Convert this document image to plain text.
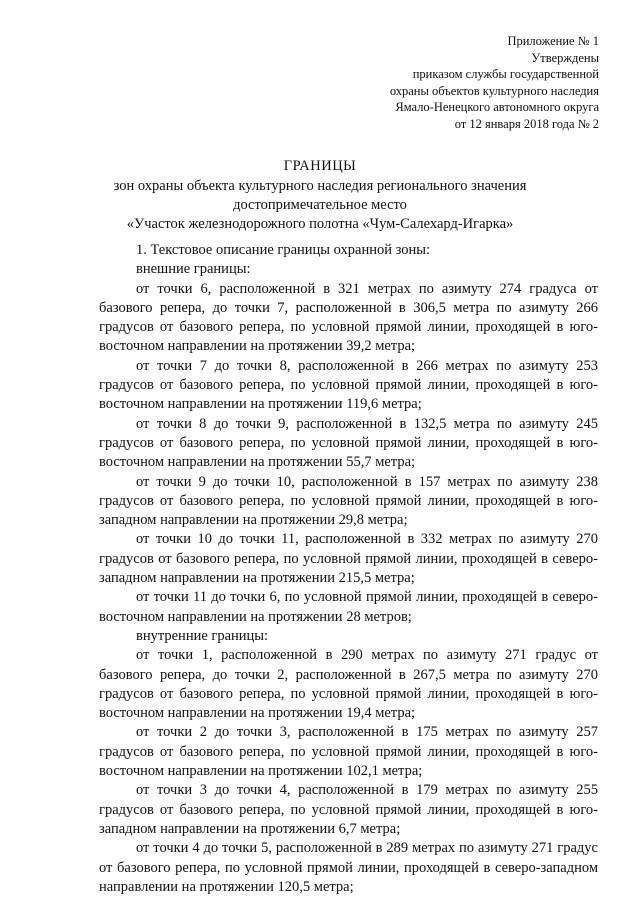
Приложение № 1
Утверждены
приказом службы государственной
охраны объектов культурного наследия
Ямало-Ненецкого автономного округа
от 12 января 2018 года № 2
ГРАНИЦЫ
зон охраны объекта культурного наследия регионального значения
достопримечательное место
«Участок железнодорожного полотна «Чум-Салехард-Игарка»

1. Текстовое описание границы охранной зоны:

внешние границы:

от точки 6, расположенной в 321 метрах по азимуту 274 градуса от базового репера, до точки 7, расположенной в 306,5 метра по азимуту 266 градусов от базового репера, по условной прямой линии, проходящей в юго-восточном направлении на протяжении 39,2 метра;

от точки 7 до точки 8, расположенной в 266 метрах по азимуту 253 градусов от базового репера, по условной прямой линии, проходящей в юго-восточном направлении на протяжении 119,6 метра;

от точки 8 до точки 9, расположенной в 132,5 метра по азимуту 245 градусов от базового репера, по условной прямой линии, проходящей в юго-восточном направлении на протяжении 55,7 метра;

от точки 9 до точки 10, расположенной в 157 метрах по азимуту 238 градусов от базового репера, по условной прямой линии, проходящей в юго-западном направлении на протяжении 29,8 метра;

от точки 10 до точки 11, расположенной в 332 метрах по азимуту 270 градусов от базового репера, по условной прямой линии, проходящей в северо-западном направлении на протяжении 215,5 метра;

от точки 11 до точки 6, по условной прямой линии, проходящей в северо-восточном направлении на протяжении 28 метров;

внутренние границы:

от точки 1, расположенной в 290 метрах по азимуту 271 градус от базового репера, до точки 2, расположенной в 267,5 метра по азимуту 270 градусов от базового репера, по условной прямой линии, проходящей в юго-восточном направлении на протяжении 19,4 метра;

от точки 2 до точки 3, расположенной в 175 метрах по азимуту 257 градусов от базового репера, по условной прямой линии, проходящей в юго-восточном направлении на протяжении 102,1 метра;

от точки 3 до точки 4, расположенной в 179 метрах по азимуту 255 градусов от базового репера, по условной прямой линии, проходящей в юго-западном направлении на протяжении 6,7 метра;

от точки 4 до точки 5, расположенной в 289 метрах по азимуту 271 градус от базового репера, по условной прямой линии, проходящей в северо-западном направлении на протяжении 120,5 метра;
